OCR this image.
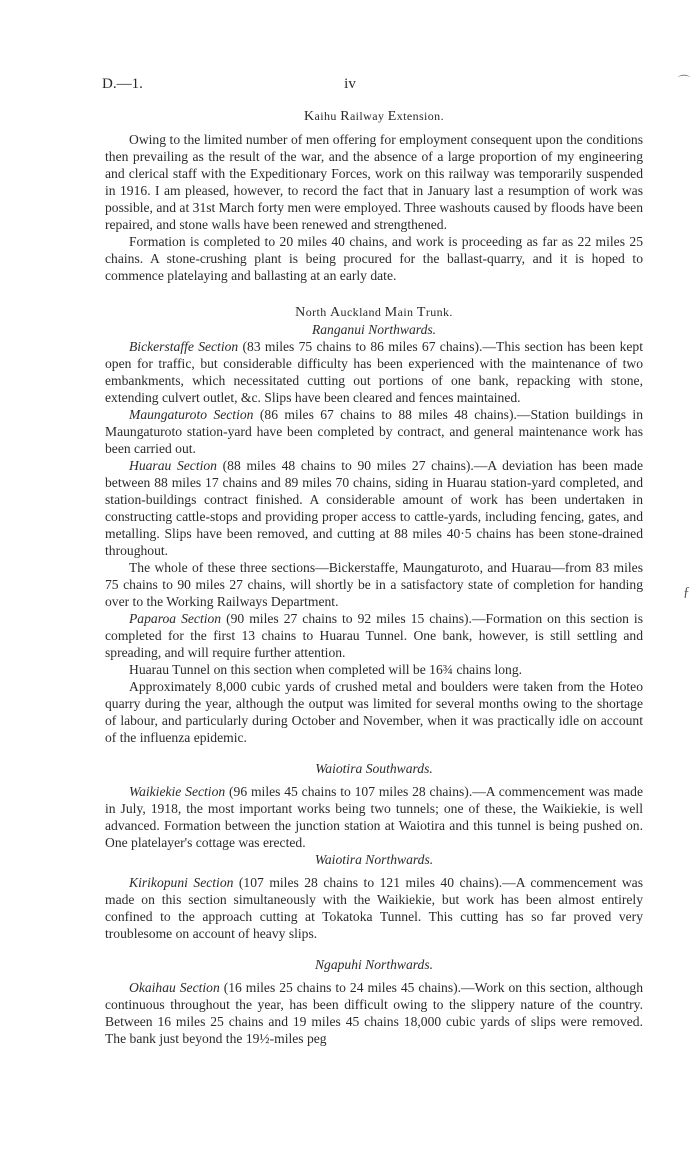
D.—1.	iv	⌒
ƒ
Kaihu Railway Extension.

Owing to the limited number of men offering for employment consequent upon the conditions then prevailing as the result of the war, and the absence of a large proportion of my engineering and clerical staff with the Expeditionary Forces, work on this railway was temporarily suspended in 1916. I am pleased, however, to record the fact that in January last a resumption of work was possible, and at 31st March forty men were employed. Three washouts caused by floods have been repaired, and stone walls have been renewed and strengthened.

Formation is completed to 20 miles 40 chains, and work is proceeding as far as 22 miles 25 chains. A stone-crushing plant is being procured for the ballast-quarry, and it is hoped to commence platelaying and ballasting at an early date.

North Auckland Main Trunk.
Ranganui Northwards.

Bickerstaffe Section (83 miles 75 chains to 86 miles 67 chains).—This section has been kept open for traffic, but considerable difficulty has been experienced with the maintenance of two embankments, which necessitated cutting out portions of one bank, repacking with stone, extending culvert outlet, &c. Slips have been cleared and fences maintained.

Maungaturoto Section (86 miles 67 chains to 88 miles 48 chains).—Station buildings in Maungaturoto station-yard have been completed by contract, and general maintenance work has been carried out.

Huarau Section (88 miles 48 chains to 90 miles 27 chains).—A deviation has been made between 88 miles 17 chains and 89 miles 70 chains, siding in Huarau station-yard completed, and station-buildings contract finished. A considerable amount of work has been undertaken in constructing cattle-stops and providing proper access to cattle-yards, including fencing, gates, and metalling. Slips have been removed, and cutting at 88 miles 40·5 chains has been stone-drained throughout.

The whole of these three sections—Bickerstaffe, Maungaturoto, and Huarau—from 83 miles 75 chains to 90 miles 27 chains, will shortly be in a satisfactory state of completion for handing over to the Working Railways Department.

Paparoa Section (90 miles 27 chains to 92 miles 15 chains).—Formation on this section is completed for the first 13 chains to Huarau Tunnel. One bank, however, is still settling and spreading, and will require further attention.

Huarau Tunnel on this section when completed will be 16¾ chains long.

Approximately 8,000 cubic yards of crushed metal and boulders were taken from the Hoteo quarry during the year, although the output was limited for several months owing to the shortage of labour, and particularly during October and November, when it was practically idle on account of the influenza epidemic.

Waiotira Southwards.

Waikiekie Section (96 miles 45 chains to 107 miles 28 chains).—A commencement was made in July, 1918, the most important works being two tunnels; one of these, the Waikiekie, is well advanced. Formation between the junction station at Waiotira and this tunnel is being pushed on. One platelayer's cottage was erected.

Waiotira Northwards.

Kirikopuni Section (107 miles 28 chains to 121 miles 40 chains).—A commencement was made on this section simultaneously with the Waikiekie, but work has been almost entirely confined to the approach cutting at Tokatoka Tunnel. This cutting has so far proved very troublesome on account of heavy slips.

Ngapuhi Northwards.

Okaihau Section (16 miles 25 chains to 24 miles 45 chains).—Work on this section, although continuous throughout the year, has been difficult owing to the slippery nature of the country. Between 16 miles 25 chains and 19 miles 45 chains 18,000 cubic yards of slips were removed. The bank just beyond the 19½-miles peg
